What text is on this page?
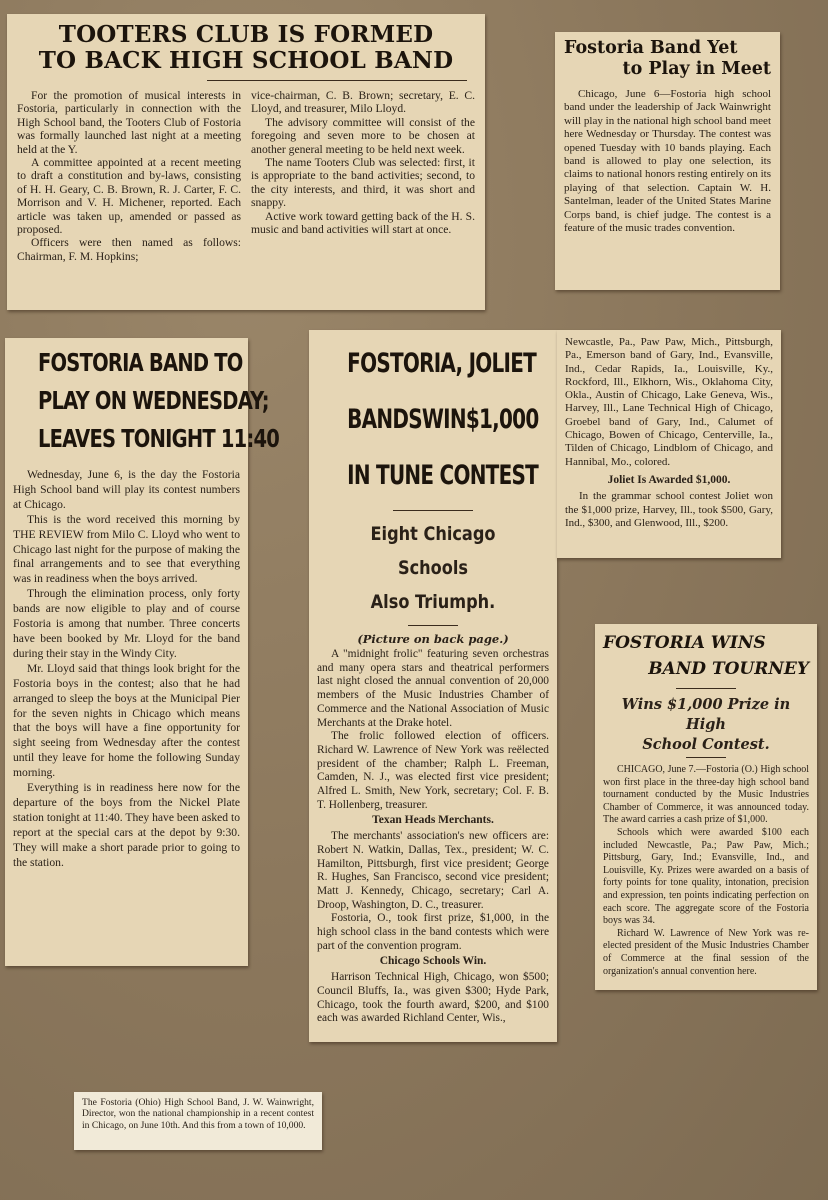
TOOTERS CLUB IS FORMED
TO BACK HIGH SCHOOL BAND

For the promotion of musical interests in Fostoria, particularly in connection with the High School band, the Tooters Club of Fostoria was formally launched last night at a meeting held at the Y.

A committee appointed at a recent meeting to draft a constitution and by-laws, consisting of H. H. Geary, C. B. Brown, R. J. Carter, F. C. Morrison and V. H. Michener, reported. Each article was taken up, amended or passed as proposed.

Officers were then named as follows: Chairman, F. M. Hopkins;

vice-chairman, C. B. Brown; secretary, E. C. Lloyd, and treasurer, Milo Lloyd.

The advisory committee will consist of the foregoing and seven more to be chosen at another general meeting to be held next week.

The name Tooters Club was selected: first, it is appropriate to the band activities; second, to the city interests, and third, it was short and snappy.

Active work toward getting back of the H. S. music and band activities will start at once.

Fostoria Band Yet
to Play in Meet

Chicago, June 6—Fostoria high school band under the leadership of Jack Wainwright will play in the national high school band meet here Wednesday or Thursday. The contest was opened Tuesday with 10 bands playing. Each band is allowed to play one selection, its claims to national honors resting entirely on its playing of that selection. Captain W. H. Santelman, leader of the United States Marine Corps band, is chief judge. The contest is a feature of the music trades convention.

FOSTORIA BAND TO
PLAY ON WEDNESDAY;
LEAVES TONIGHT 11:40

Wednesday, June 6, is the day the Fostoria High School band will play its contest numbers at Chicago.

This is the word received this morning by THE REVIEW from Milo C. Lloyd who went to Chicago last night for the purpose of making the final arrangements and to see that everything was in readiness when the boys arrived.

Through the elimination process, only forty bands are now eligible to play and of course Fostoria is among that number. Three concerts have been booked by Mr. Lloyd for the band during their stay in the Windy City.

Mr. Lloyd said that things look bright for the Fostoria boys in the contest; also that he had arranged to sleep the boys at the Municipal Pier for the seven nights in Chicago which means that the boys will have a fine opportunity for sight seeing from Wednesday after the contest until they leave for home the following Sunday morning.

Everything is in readiness here now for the departure of the boys from the Nickel Plate station tonight at 11:40. They have been asked to report at the special cars at the depot by 9:30. They will make a short parade prior to going to the station.

FOSTORIA, JOLIET
BANDSWIN$1,000
IN TUNE CONTEST
Eight Chicago Schools
Also Triumph.
(Picture on back page.)

A "midnight frolic" featuring seven orchestras and many opera stars and theatrical performers last night closed the annual convention of 20,000 members of the Music Industries Chamber of Commerce and the National Association of Music Merchants at the Drake hotel.

The frolic followed election of officers. Richard W. Lawrence of New York was reëlected president of the chamber; Ralph L. Freeman, Camden, N. J., was elected first vice president; Alfred L. Smith, New York, secretary; Col. F. B. T. Hollenberg, treasurer.

Texan Heads Merchants.

The merchants' association's new officers are: Robert N. Watkin, Dallas, Tex., president; W. C. Hamilton, Pittsburgh, first vice president; George R. Hughes, San Francisco, second vice president; Matt J. Kennedy, Chicago, secretary; Carl A. Droop, Washington, D. C., treasurer.

Fostoria, O., took first prize, $1,000, in the high school class in the band contests which were part of the convention program.

Chicago Schools Win.

Harrison Technical High, Chicago, won $500; Council Bluffs, Ia., was given $300; Hyde Park, Chicago, took the fourth award, $200, and $100 each was awarded Richland Center, Wis.,

Newcastle, Pa., Paw Paw, Mich., Pittsburgh, Pa., Emerson band of Gary, Ind., Evansville, Ind., Cedar Rapids, Ia., Louisville, Ky., Rockford, Ill., Elkhorn, Wis., Oklahoma City, Okla., Austin of Chicago, Lake Geneva, Wis., Harvey, Ill., Lane Technical High of Chicago, Groebel band of Gary, Ind., Calumet of Chicago, Bowen of Chicago, Centerville, Ia., Tilden of Chicago, Lindblom of Chicago, and Hannibal, Mo., colored.

Joliet Is Awarded $1,000.

In the grammar school contest Joliet won the $1,000 prize, Harvey, Ill., took $500, Gary, Ind., $300, and Glenwood, Ill., $200.

FOSTORIA WINS
BAND TOURNEY
Wins $1,000 Prize in High
School Contest.

CHICAGO, June 7.—Fostoria (O.) High school won first place in the three-day high school band tournament conducted by the Music Industries Chamber of Commerce, it was announced today. The award carries a cash prize of $1,000.

Schools which were awarded $100 each included Newcastle, Pa.; Paw Paw, Mich.; Pittsburg, Gary, Ind.; Evansville, Ind., and Louisville, Ky. Prizes were awarded on a basis of forty points for tone quality, intonation, precision and expression, ten points indicating perfection on each score. The aggregate score of the Fostoria boys was 34.

Richard W. Lawrence of New York was re-elected president of the Music Industries Chamber of Commerce at the final session of the organization's annual convention here.

The Fostoria (Ohio) High School Band, J. W. Wainwright, Director, won the national championship in a recent contest in Chicago, on June 10th. And this from a town of 10,000.
